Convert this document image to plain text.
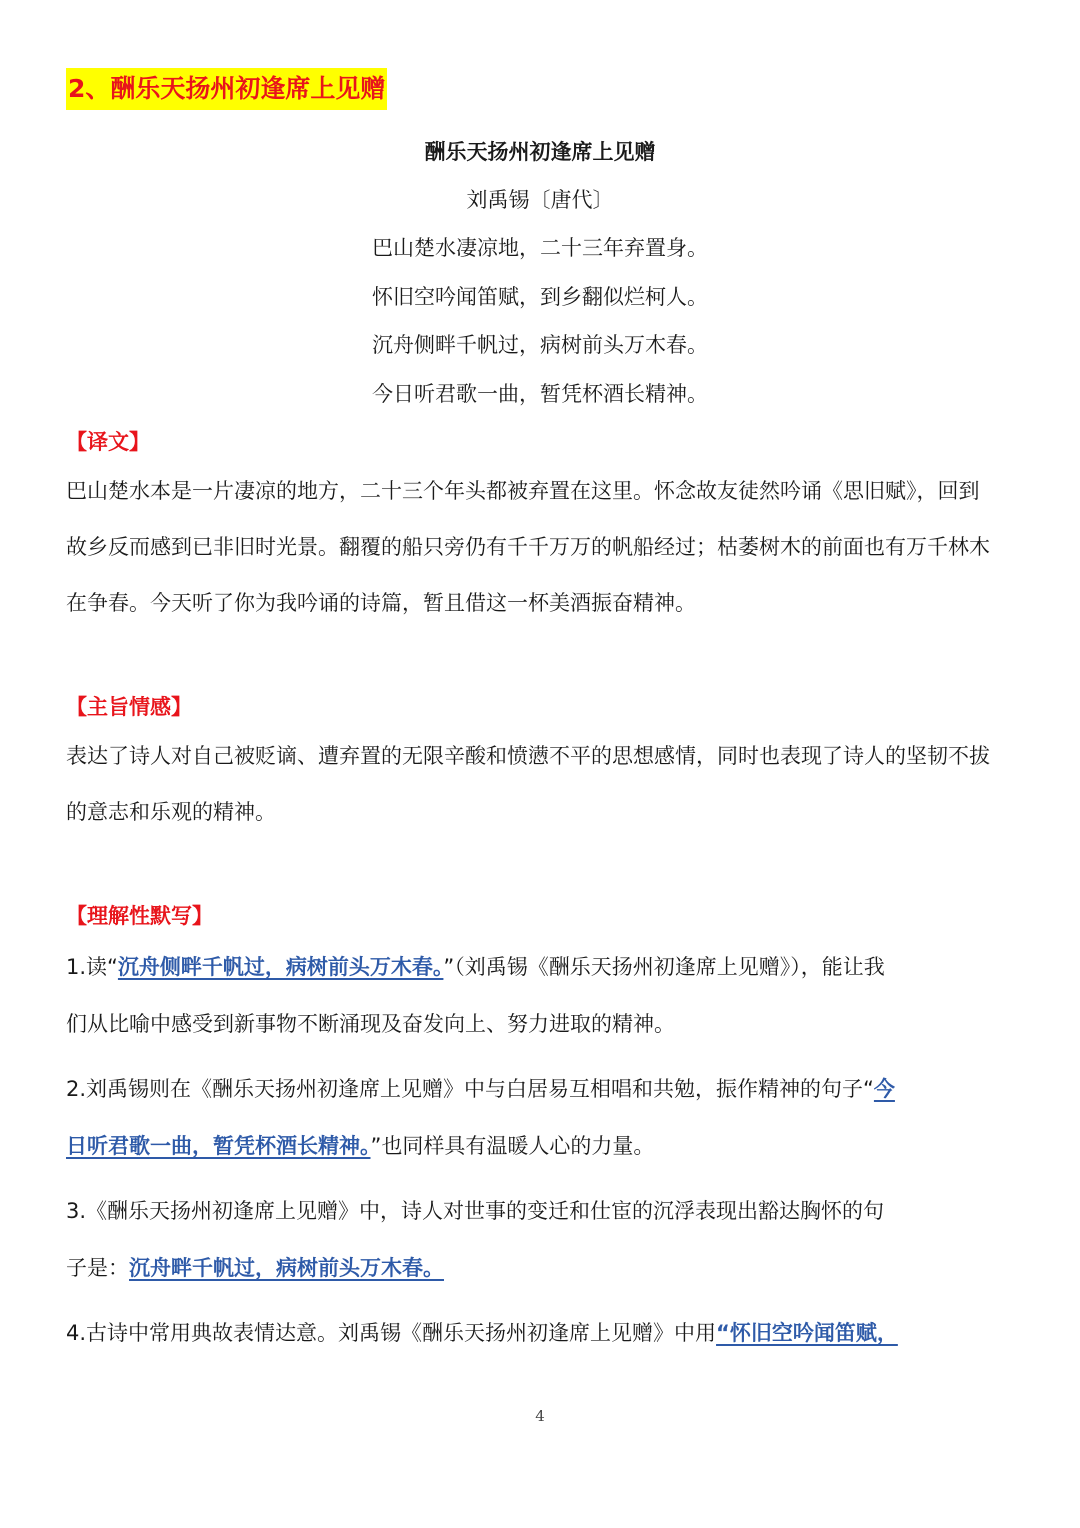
2、酬乐天扬州初逢席上见赠
酬乐天扬州初逢席上见赠
刘禹锡〔唐代〕
巴山楚水凄凉地，二十三年弃置身。
怀旧空吟闻笛赋，到乡翻似烂柯人。
沉舟侧畔千帆过，病树前头万木春。
今日听君歌一曲，暂凭杯酒长精神。
【译文】
巴山楚水本是一片凄凉的地方，二十三个年头都被弃置在这里。怀念故友徒然吟诵《思旧赋》，回到
故乡反而感到已非旧时光景。翻覆的船只旁仍有千千万万的帆船经过；枯萎树木的前面也有万千林木
在争春。今天听了你为我吟诵的诗篇，暂且借这一杯美酒振奋精神。
【主旨情感】
表达了诗人对自己被贬谪、遭弃置的无限辛酸和愤懑不平的思想感情，同时也表现了诗人的坚韧不拔
的意志和乐观的精神。
【理解性默写】
1.读“沉舟侧畔千帆过，病树前头万木春。”（刘禹锡《酬乐天扬州初逢席上见赠》），能让我
们从比喻中感受到新事物不断涌现及奋发向上、努力进取的精神。
2.刘禹锡则在《酬乐天扬州初逢席上见赠》中与白居易互相唱和共勉，振作精神的句子“今
日听君歌一曲，暂凭杯酒长精神。”也同样具有温暖人心的力量。
3.《酬乐天扬州初逢席上见赠》中，诗人对世事的变迁和仕宦的沉浮表现出豁达胸怀的句
子是：沉舟畔千帆过，病树前头万木春。
4.古诗中常用典故表情达意。刘禹锡《酬乐天扬州初逢席上见赠》中用“怀旧空吟闻笛赋，
4
